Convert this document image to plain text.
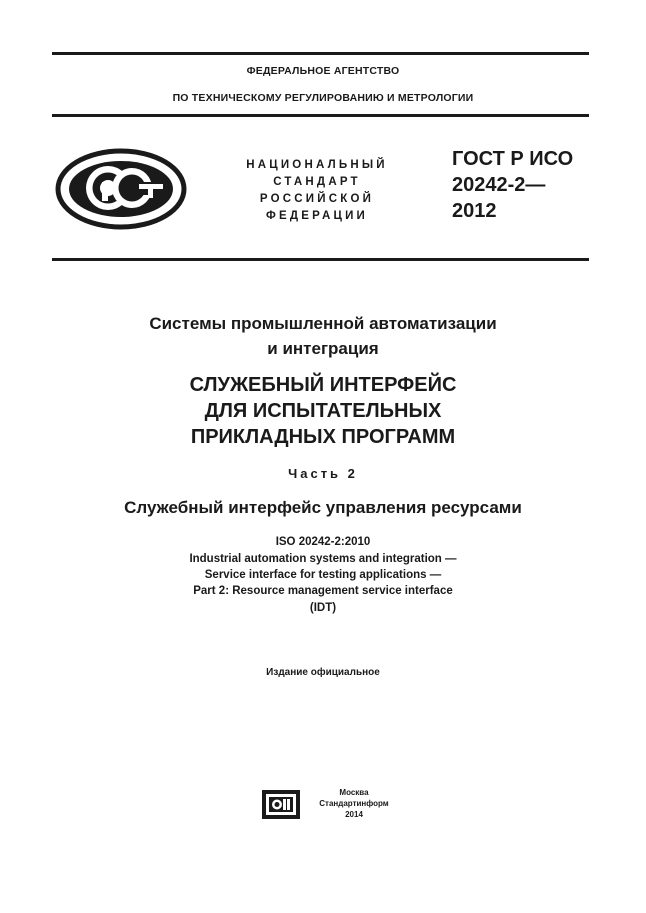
ФЕДЕРАЛЬНОЕ АГЕНТСТВО
ПО ТЕХНИЧЕСКОМУ РЕГУЛИРОВАНИЮ И МЕТРОЛОГИИ
НАЦИОНАЛЬНЫЙ
СТАНДАРТ
РОССИЙСКОЙ
ФЕДЕРАЦИИ
ГОСТ Р ИСО
20242-2—
2012
Системы промышленной автоматизации
и интеграция
СЛУЖЕБНЫЙ ИНТЕРФЕЙС
ДЛЯ ИСПЫТАТЕЛЬНЫХ
ПРИКЛАДНЫХ ПРОГРАММ
Часть 2
Служебный интерфейс управления ресурсами
ISO 20242-2:2010
Industrial automation systems and integration —
Service interface for testing applications —
Part 2: Resource management service interface
(IDT)
Издание официальное
Москва
Стандартинформ
2014
